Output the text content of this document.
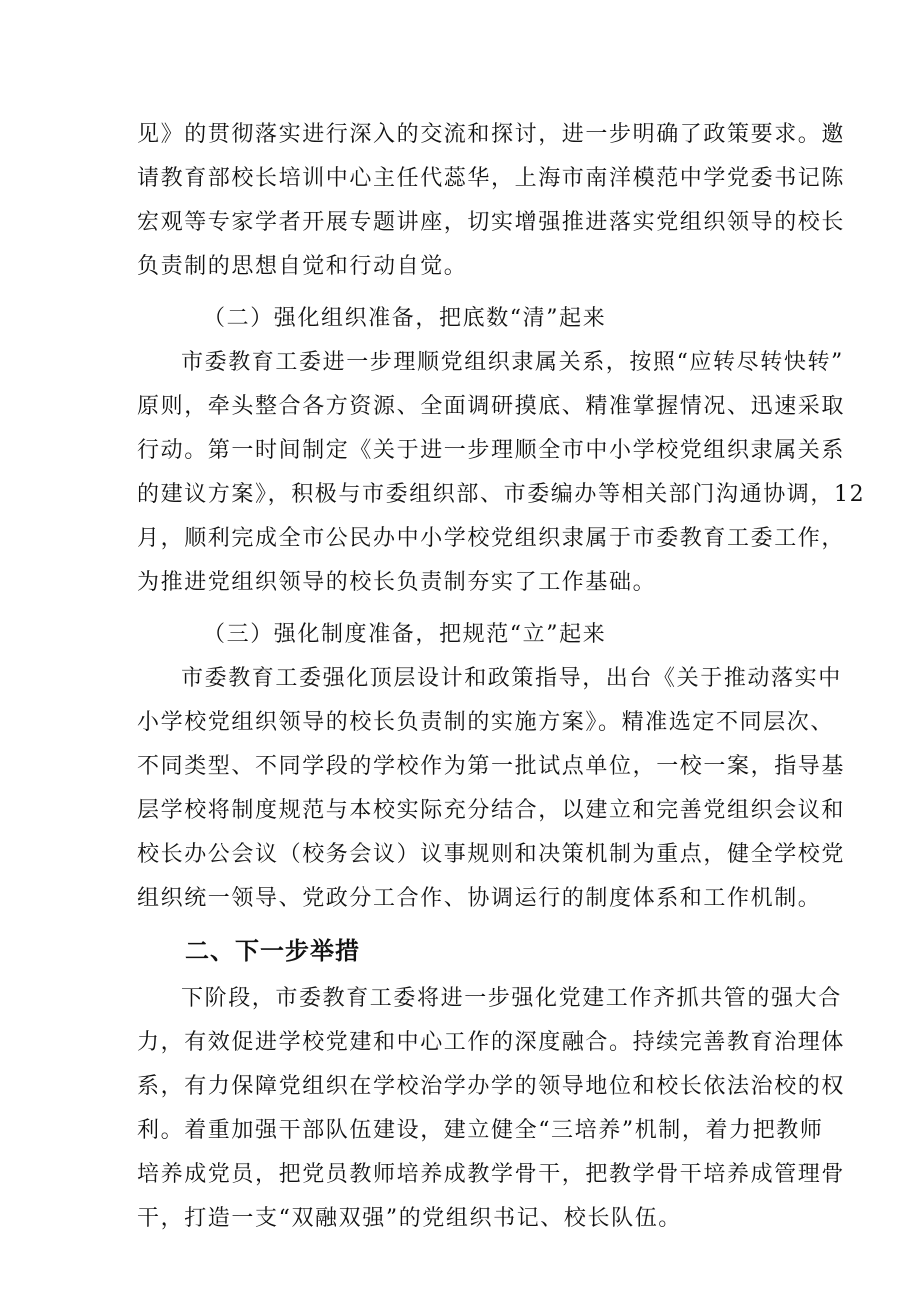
见》的贯彻落实进行深入的交流和探讨，进一步明确了政策要求。邀
请教育部校长培训中心主任代蕊华，上海市南洋模范中学党委书记陈
宏观等专家学者开展专题讲座，切实增强推进落实党组织领导的校长
负责制的思想自觉和行动自觉。
（二）强化组织准备，把底数“清”起来
市委教育工委进一步理顺党组织隶属关系，按照“应转尽转快转”
原则，牵头整合各方资源、全面调研摸底、精准掌握情况、迅速采取
行动。第一时间制定《关于进一步理顺全市中小学校党组织隶属关系
的建议方案》，积极与市委组织部、市委编办等相关部门沟通协调，12
月，顺利完成全市公民办中小学校党组织隶属于市委教育工委工作，
为推进党组织领导的校长负责制夯实了工作基础。
（三）强化制度准备，把规范“立”起来
市委教育工委强化顶层设计和政策指导，出台《关于推动落实中
小学校党组织领导的校长负责制的实施方案》。精准选定不同层次、
不同类型、不同学段的学校作为第一批试点单位，一校一案，指导基
层学校将制度规范与本校实际充分结合，以建立和完善党组织会议和
校长办公会议（校务会议）议事规则和决策机制为重点，健全学校党
组织统一领导、党政分工合作、协调运行的制度体系和工作机制。
二、下一步举措
下阶段，市委教育工委将进一步强化党建工作齐抓共管的强大合
力，有效促进学校党建和中心工作的深度融合。持续完善教育治理体
系，有力保障党组织在学校治学办学的领导地位和校长依法治校的权
利。着重加强干部队伍建设，建立健全“三培养”机制，着力把教师
培养成党员，把党员教师培养成教学骨干，把教学骨干培养成管理骨
干，打造一支“双融双强”的党组织书记、校长队伍。
